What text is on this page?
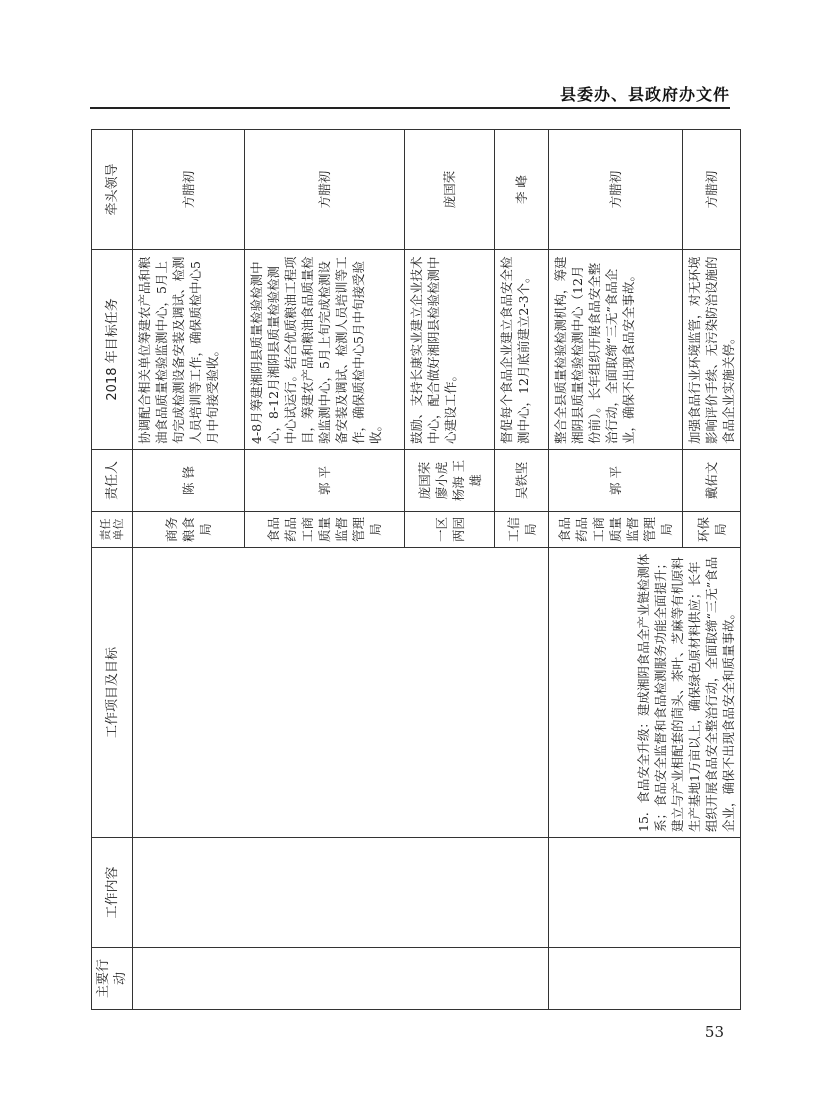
县委办、县政府办文件
主要行动	工作内容	工作项目及目标	责任单位	责任人	2018 年目标任务	牵头领导
			商务粮食局	陈 锋	协调配合相关单位筹建农产品和粮油食品质量检验监测中心，5月上旬完成检测设备安装及调试、检测人员培训等工作，确保质检中心5月中旬接受验收。	方腊初
			食品药品工商质量监督管理局	郭 平	4-8月筹建湘阴县质量检验检测中心，8-12月湘阴县质量检验检测中心试运行。结合优质粮油工程项目，筹建农产品和粮油食品质量检验监测中心，5月上旬完成检测设备安装及调试、检测人员培训等工作，确保质检中心5月中旬接受验收。	方腊初
			一区两园	庞国荣 廖小虎 杨海 王雄	鼓励、支持长康实业建立企业技术中心，配合做好湘阴县检验检测中心建设工作。	庞国荣
			工信局	吴铁坚	督促每个食品企业建立食品安全检测中心，12月底前建立2-3个。	李 峰
		15．食品安全升级：建成湘阴食品全产业链检测体系；食品安全监督和食品检测服务功能全面提升；建立与产业相配套的茼头、茶叶、芝麻等有机原料生产基地1万亩以上，确保绿色原材料供应；长年组织开展食品安全整治行动，全面取缔“三无”食品企业，确保不出现食品安全和质量事故。	食品药品工商质量监督管理局	郭 平	整合全县质量检验检测机构，筹建湘阴县质量检验检测中心（12月份前）。长年组织开展食品安全整治行动，全面取缔“三无”食品企业，确保不出现食品安全事故。	方腊初
			环保局	戴佑文	加强食品行业环境监管，对无环境影响评价手续、无污染防治设施的食品企业实施关停。	方腊初
53
